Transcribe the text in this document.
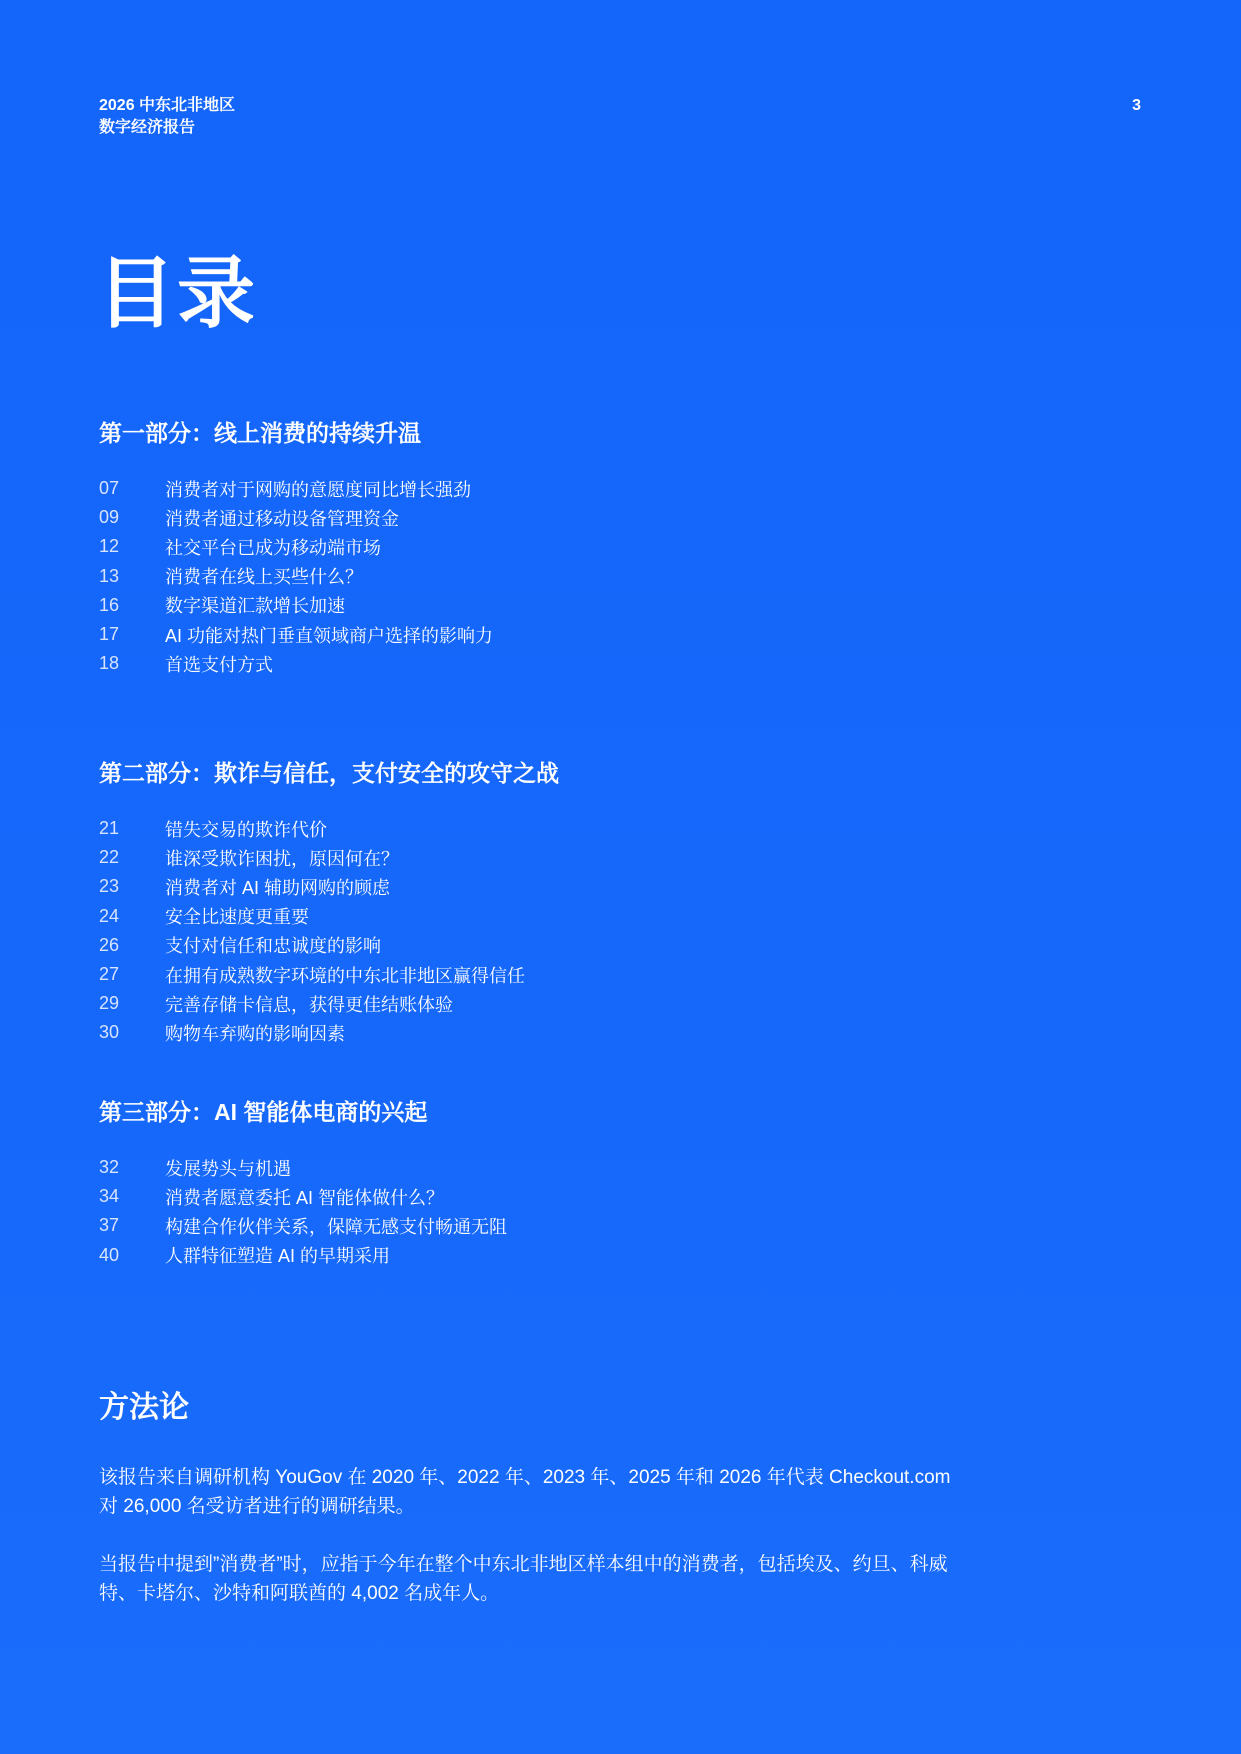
2026 中东北非地区
数字经济报告
3
目录
第一部分：线上消费的持续升温
07	消费者对于网购的意愿度同比增长强劲
09	消费者通过移动设备管理资金
12	社交平台已成为移动端市场
13	消费者在线上买些什么？
16	数字渠道汇款增长加速
17	AI 功能对热门垂直领域商户选择的影响力
18	首选支付方式
第二部分：欺诈与信任，支付安全的攻守之战
21	错失交易的欺诈代价
22	谁深受欺诈困扰，原因何在？
23	消费者对 AI 辅助网购的顾虑
24	安全比速度更重要
26	支付对信任和忠诚度的影响
27	在拥有成熟数字环境的中东北非地区赢得信任
29	完善存储卡信息，获得更佳结账体验
30	购物车弃购的影响因素
第三部分：AI 智能体电商的兴起
32	发展势头与机遇
34	消费者愿意委托 AI 智能体做什么？
37	构建合作伙伴关系，保障无感支付畅通无阻
40	人群特征塑造 AI 的早期采用
方法论

该报告来自调研机构 YouGov 在 2020 年、2022 年、2023 年、2025 年和 2026 年代表 Checkout.com 对 26,000 名受访者进行的调研结果。

当报告中提到”消费者”时，应指于今年在整个中东北非地区样本组中的消费者，包括埃及、约旦、科威特、卡塔尔、沙特和阿联酋的 4,002 名成年人。
